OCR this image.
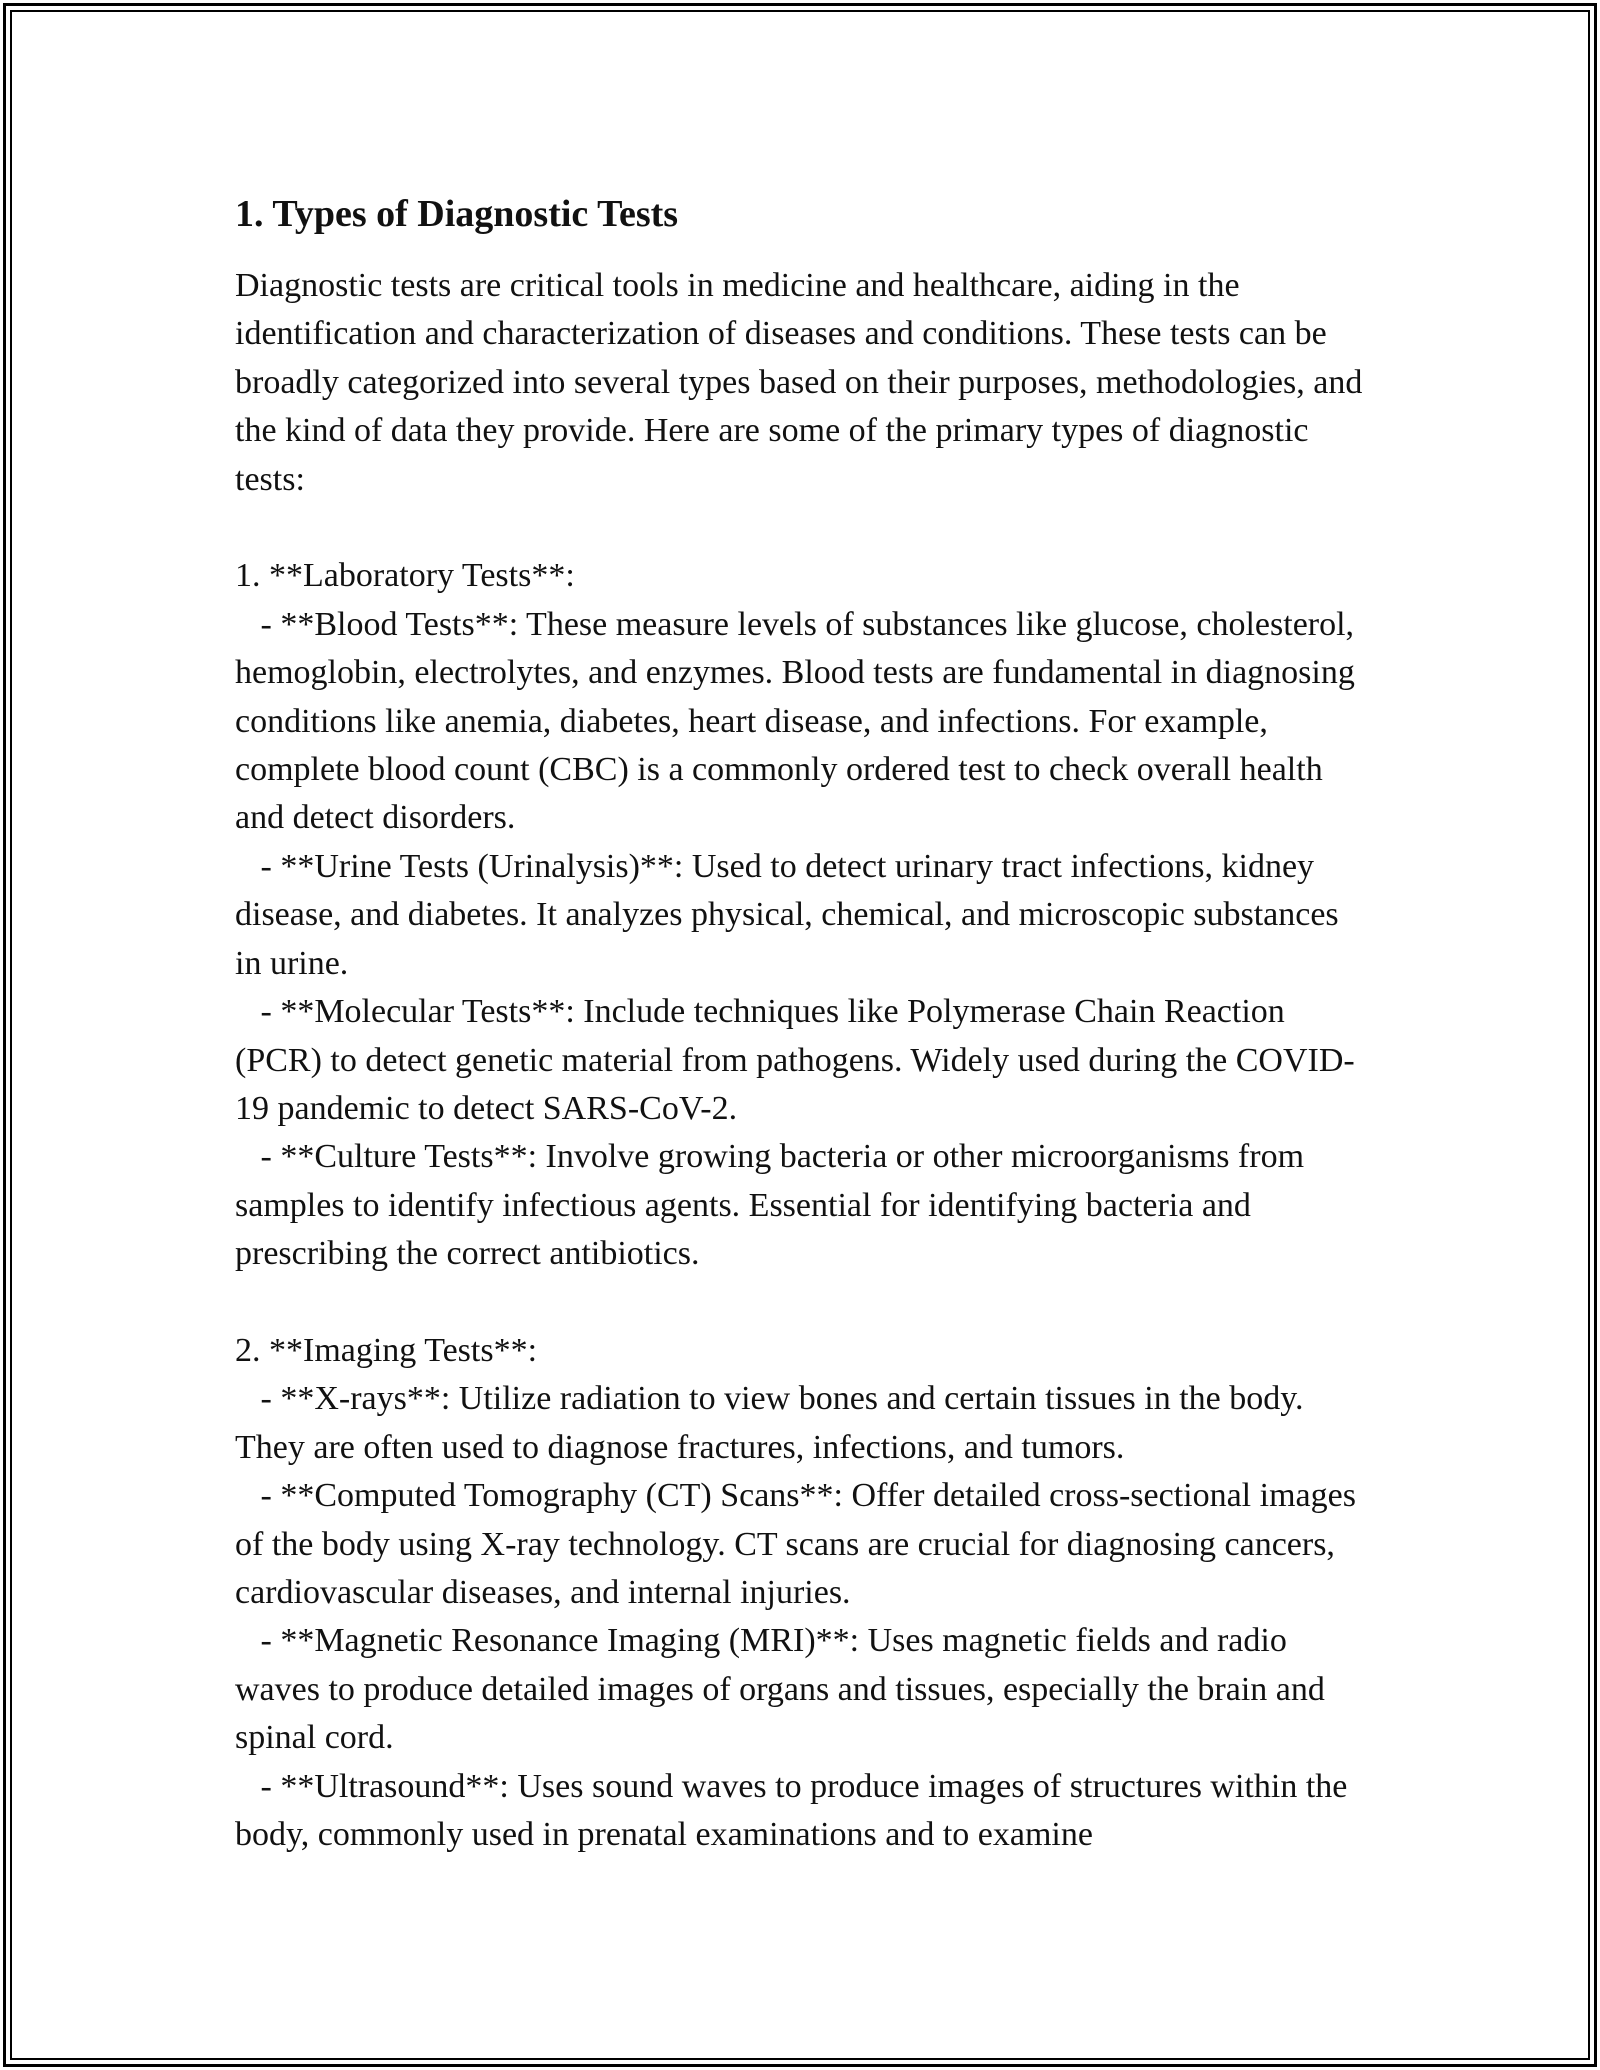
1. Types of Diagnostic Tests

Diagnostic tests are critical tools in medicine and healthcare, aiding in the identification and characterization of diseases and conditions. These tests can be broadly categorized into several types based on their purposes, methodologies, and the kind of data they provide. Here are some of the primary types of diagnostic tests:

1. **Laboratory Tests**:
- **Blood Tests**: These measure levels of substances like glucose, cholesterol, hemoglobin, electrolytes, and enzymes. Blood tests are fundamental in diagnosing conditions like anemia, diabetes, heart disease, and infections. For example, complete blood count (CBC) is a commonly ordered test to check overall health and detect disorders.
- **Urine Tests (Urinalysis)**: Used to detect urinary tract infections, kidney disease, and diabetes. It analyzes physical, chemical, and microscopic substances in urine.
- **Molecular Tests**: Include techniques like Polymerase Chain Reaction (PCR) to detect genetic material from pathogens. Widely used during the COVID-19 pandemic to detect SARS-CoV-2.
- **Culture Tests**: Involve growing bacteria or other microorganisms from samples to identify infectious agents. Essential for identifying bacteria and prescribing the correct antibiotics.

2. **Imaging Tests**:
- **X-rays**: Utilize radiation to view bones and certain tissues in the body. They are often used to diagnose fractures, infections, and tumors.
- **Computed Tomography (CT) Scans**: Offer detailed cross-sectional images of the body using X-ray technology. CT scans are crucial for diagnosing cancers, cardiovascular diseases, and internal injuries.
- **Magnetic Resonance Imaging (MRI)**: Uses magnetic fields and radio waves to produce detailed images of organs and tissues, especially the brain and spinal cord.
- **Ultrasound**: Uses sound waves to produce images of structures within the body, commonly used in prenatal examinations and to examine
